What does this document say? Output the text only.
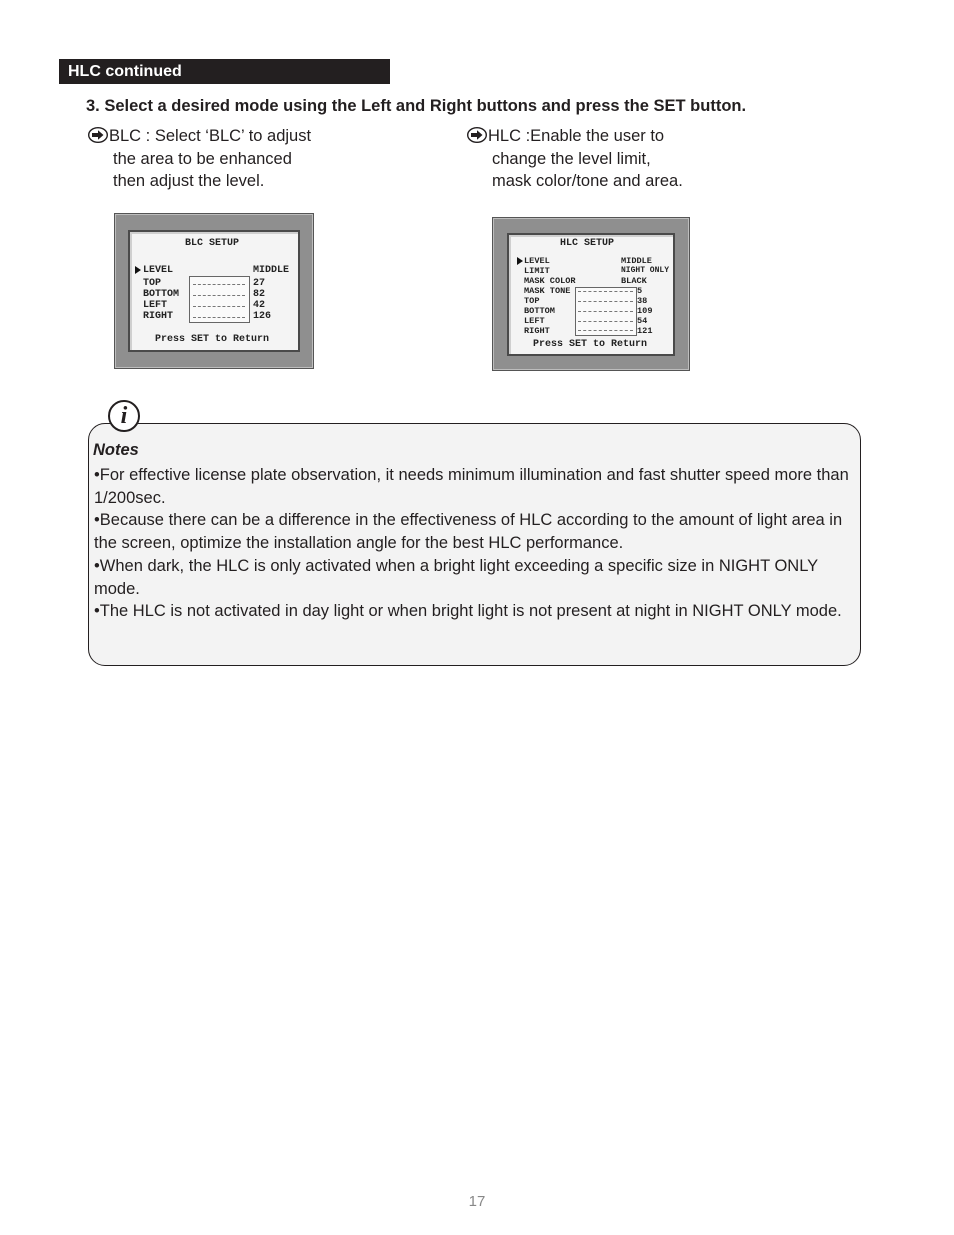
HLC continued
3. Select a desired mode using the Left and Right buttons and press the SET button.
BLC : Select ‘BLC’ to adjust
the area to be enhanced
then adjust the level.
HLC :Enable the user to
change the level limit,
mask color/tone and area.
BLC SETUP
LEVEL	MIDDLE
TOP	27
BOTTOM	82
LEFT	42
RIGHT	126
Press SET to Return
HLC SETUP
LEVEL	MIDDLE
LIMIT	NIGHT ONLY
MASK COLOR	BLACK
MASK TONE	5
TOP	38
BOTTOM	109
LEFT	54
RIGHT	121
Press SET to Return
i
Notes
•For effective license plate observation, it needs minimum illumination and fast shutter speed more than 1/200sec.
•Because there can be a difference in the effectiveness of HLC according to the amount of light area in the screen, optimize the installation angle for the best HLC performance.
•When dark, the HLC is only activated when a bright light exceeding a specific size in NIGHT ONLY mode.
•The HLC is not activated in day light or when bright light is not present at night in NIGHT ONLY mode.
17
